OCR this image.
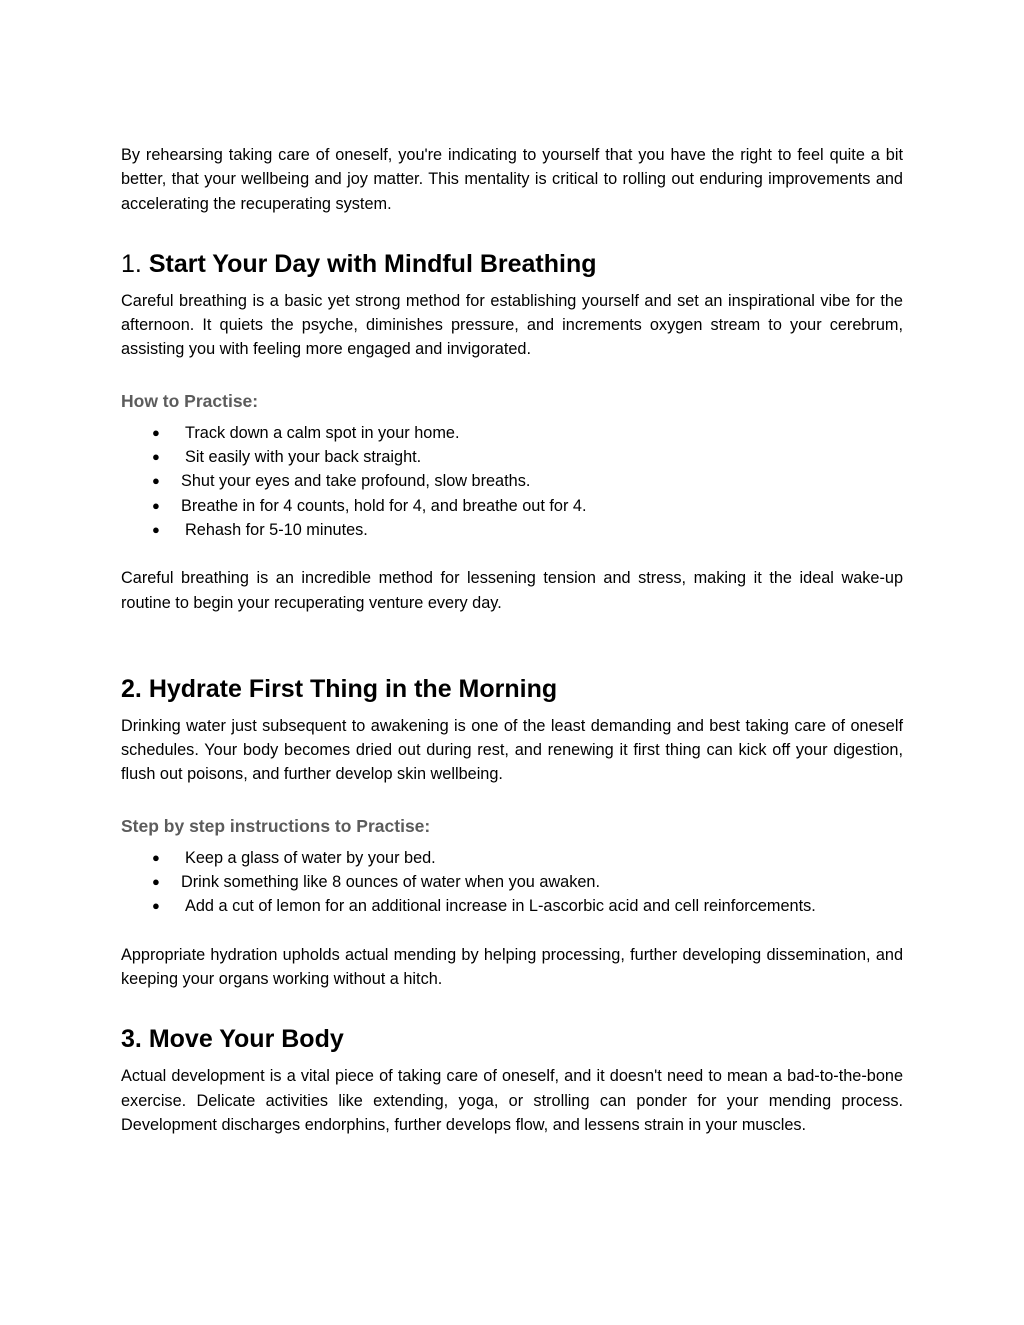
By rehearsing taking care of oneself, you're indicating to yourself that you have the right to feel quite a bit better, that your wellbeing and joy matter. This mentality is critical to rolling out enduring improvements and accelerating the recuperating system.

1. Start Your Day with Mindful Breathing

Careful breathing is a basic yet strong method for establishing yourself and set an inspirational vibe for the afternoon. It quiets the psyche, diminishes pressure, and increments oxygen stream to your cerebrum, assisting you with feeling more engaged and invigorated.

How to Practise:
● Track down a calm spot in your home.
● Sit easily with your back straight.
● Shut your eyes and take profound, slow breaths.
● Breathe in for 4 counts, hold for 4, and breathe out for 4.
● Rehash for 5-10 minutes.

Careful breathing is an incredible method for lessening tension and stress, making it the ideal wake-up routine to begin your recuperating venture every day.

2. Hydrate First Thing in the Morning

Drinking water just subsequent to awakening is one of the least demanding and best taking care of oneself schedules. Your body becomes dried out during rest, and renewing it first thing can kick off your digestion, flush out poisons, and further develop skin wellbeing.

Step by step instructions to Practise:
● Keep a glass of water by your bed.
● Drink something like 8 ounces of water when you awaken.
● Add a cut of lemon for an additional increase in L-ascorbic acid and cell reinforcements.

Appropriate hydration upholds actual mending by helping processing, further developing dissemination, and keeping your organs working without a hitch.

3. Move Your Body

Actual development is a vital piece of taking care of oneself, and it doesn't need to mean a bad-to-the-bone exercise. Delicate activities like extending, yoga, or strolling can ponder for your mending process. Development discharges endorphins, further develops flow, and lessens strain in your muscles.
